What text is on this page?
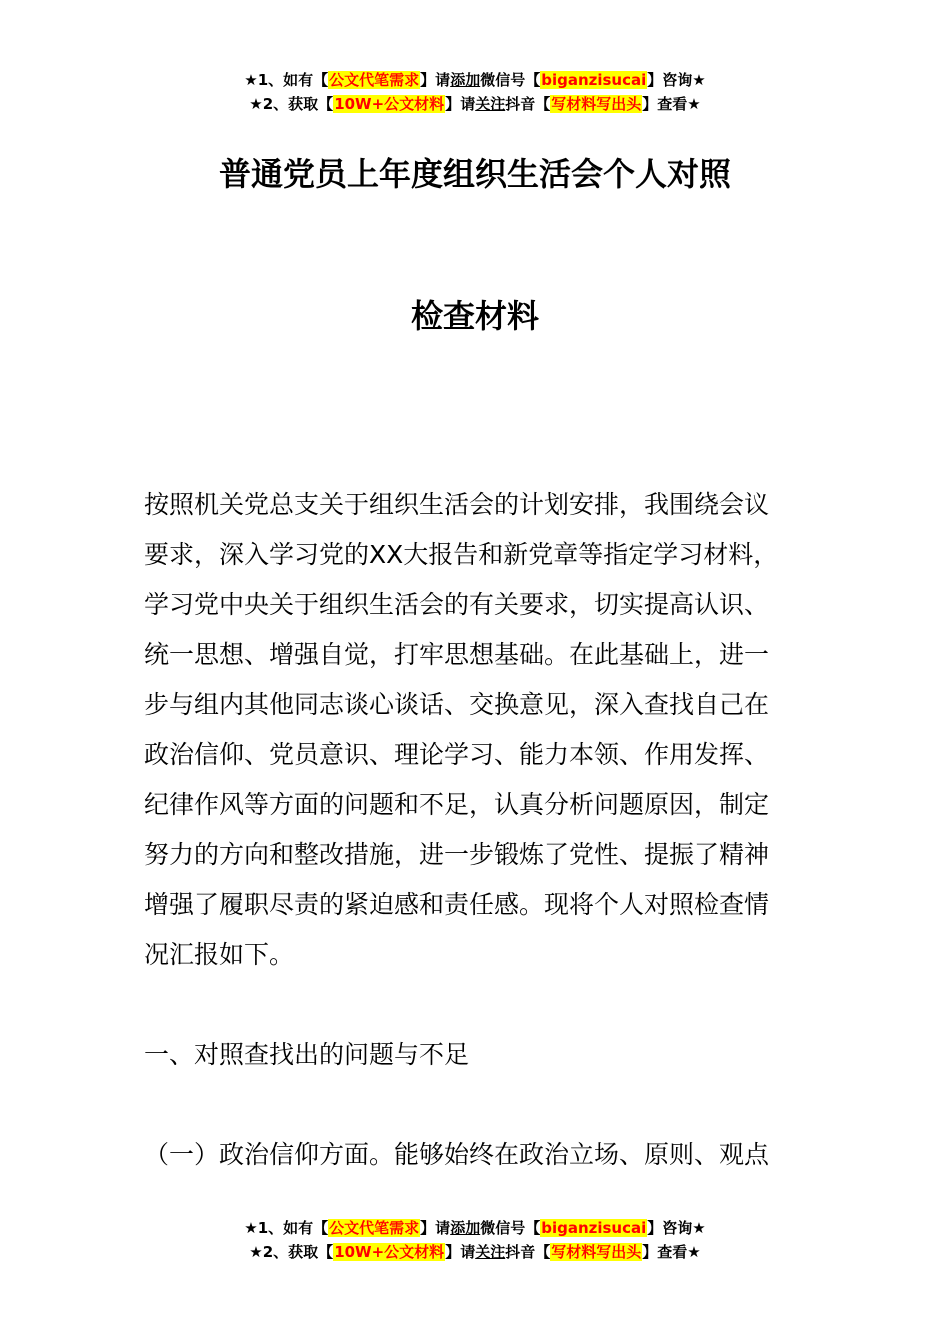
★1、如有【公文代笔需求】请添加微信号【biganzisucai】咨询★
★2、获取【10W+公文材料】请关注抖音【写材料写出头】查看★
普通党员上年度组织生活会个人对照
检查材料
按照机关党总支关于组织生活会的计划安排，我围绕会议
要求，深入学习党的XX大报告和新党章等指定学习材料，
学习党中央关于组织生活会的有关要求，切实提高认识、
统一思想、增强自觉，打牢思想基础。在此基础上，进一
步与组内其他同志谈心谈话、交换意见，深入查找自己在
政治信仰、党员意识、理论学习、能力本领、作用发挥、
纪律作风等方面的问题和不足，认真分析问题原因，制定
努力的方向和整改措施，进一步锻炼了党性、提振了精神
增强了履职尽责的紧迫感和责任感。现将个人对照检查情
况汇报如下。
一、对照查找出的问题与不足
（一）政治信仰方面。能够始终在政治立场、原则、观点
★1、如有【公文代笔需求】请添加微信号【biganzisucai】咨询★
★2、获取【10W+公文材料】请关注抖音【写材料写出头】查看★
